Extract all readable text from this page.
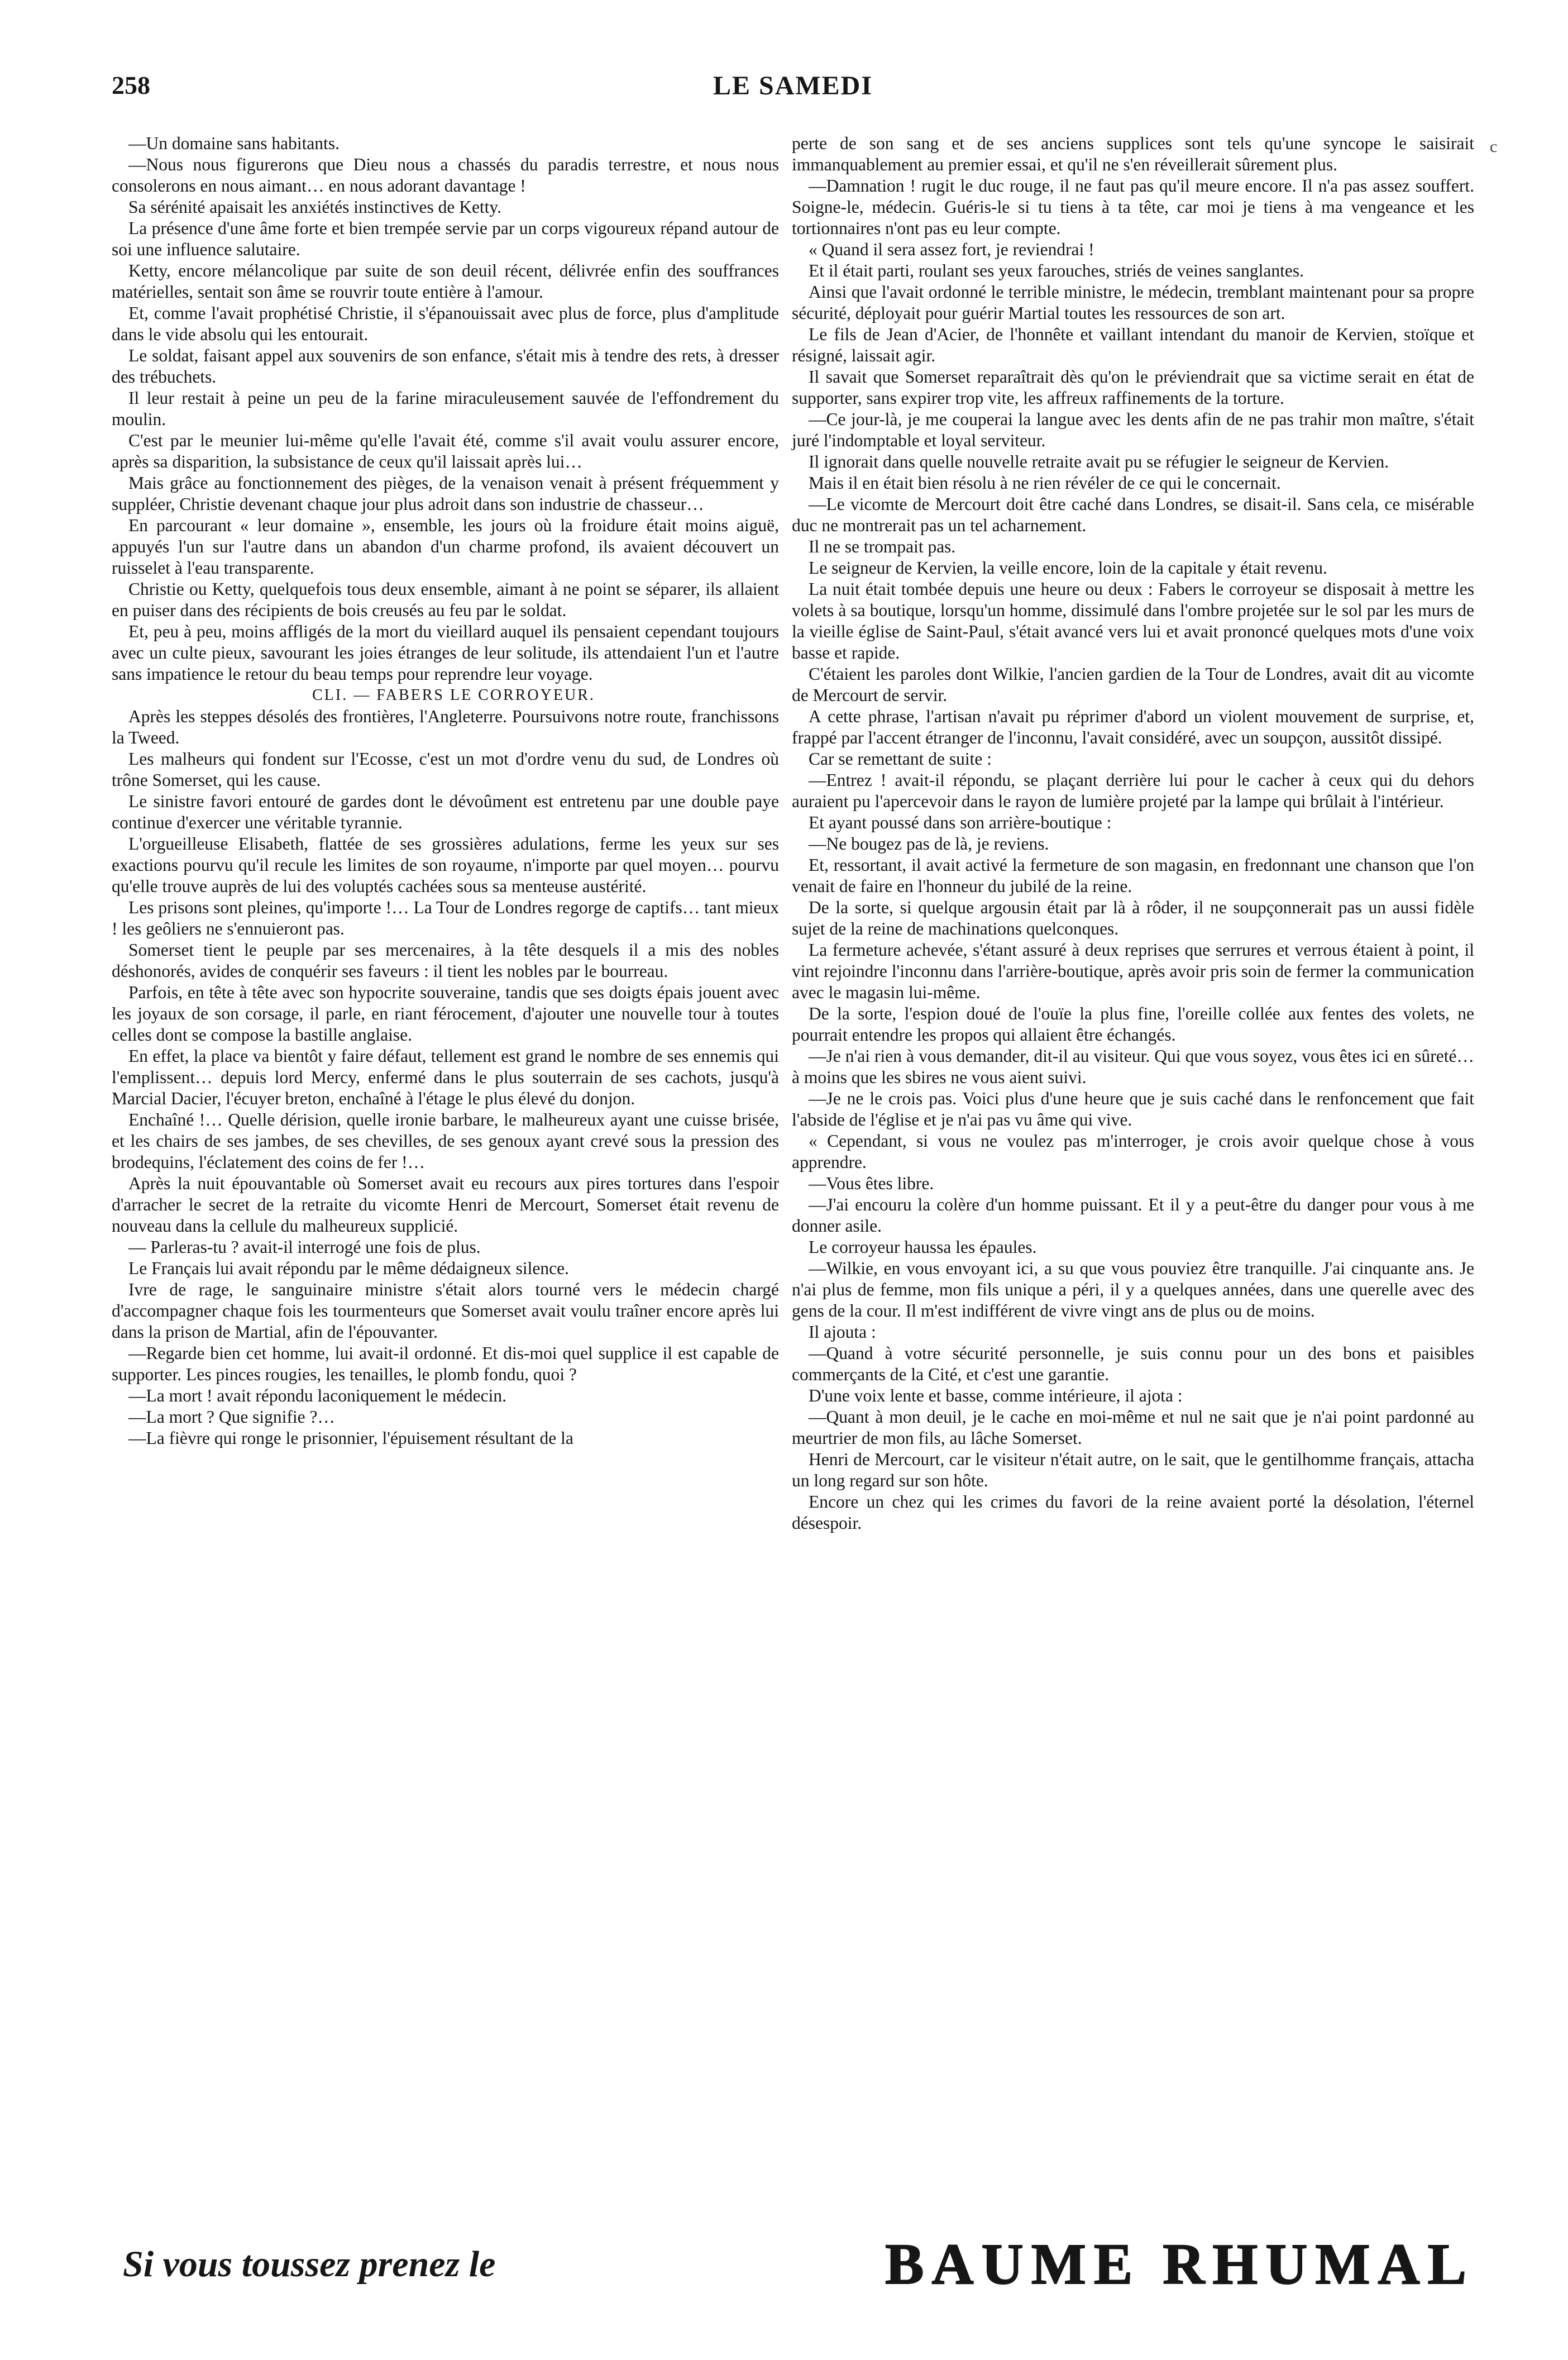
258	LE SAMEDI

—Un domaine sans habitants.

—Nous nous figurerons que Dieu nous a chassés du paradis terrestre, et nous nous consolerons en nous aimant… en nous adorant davantage !

Sa sérénité apaisait les anxiétés instinctives de Ketty.

La présence d'une âme forte et bien trempée servie par un corps vigoureux répand autour de soi une influence salutaire.

Ketty, encore mélancolique par suite de son deuil récent, délivrée enfin des souffrances matérielles, sentait son âme se rouvrir toute entière à l'amour.

Et, comme l'avait prophétisé Christie, il s'épanouissait avec plus de force, plus d'amplitude dans le vide absolu qui les entourait.

Le soldat, faisant appel aux souvenirs de son enfance, s'était mis à tendre des rets, à dresser des trébuchets.

Il leur restait à peine un peu de la farine miraculeusement sauvée de l'effondrement du moulin.

C'est par le meunier lui-même qu'elle l'avait été, comme s'il avait voulu assurer encore, après sa disparition, la subsistance de ceux qu'il laissait après lui…

Mais grâce au fonctionnement des pièges, de la venaison venait à présent fréquemment y suppléer, Christie devenant chaque jour plus adroit dans son industrie de chasseur…

En parcourant « leur domaine », ensemble, les jours où la froidure était moins aiguë, appuyés l'un sur l'autre dans un abandon d'un charme profond, ils avaient découvert un ruisselet à l'eau transparente.

Christie ou Ketty, quelquefois tous deux ensemble, aimant à ne point se séparer, ils allaient en puiser dans des récipients de bois creusés au feu par le soldat.

Et, peu à peu, moins affligés de la mort du vieillard auquel ils pensaient cependant toujours avec un culte pieux, savourant les joies étranges de leur solitude, ils attendaient l'un et l'autre sans impatience le retour du beau temps pour reprendre leur voyage.

CLI. — FABERS LE CORROYEUR.

Après les steppes désolés des frontières, l'Angleterre. Poursuivons notre route, franchissons la Tweed.

Les malheurs qui fondent sur l'Ecosse, c'est un mot d'ordre venu du sud, de Londres où trône Somerset, qui les cause.

Le sinistre favori entouré de gardes dont le dévoûment est entretenu par une double paye continue d'exercer une véritable tyrannie.

L'orgueilleuse Elisabeth, flattée de ses grossières adulations, ferme les yeux sur ses exactions pourvu qu'il recule les limites de son royaume, n'importe par quel moyen… pourvu qu'elle trouve auprès de lui des voluptés cachées sous sa menteuse austérité.

Les prisons sont pleines, qu'importe !… La Tour de Londres regorge de captifs… tant mieux ! les geôliers ne s'ennuieront pas.

Somerset tient le peuple par ses mercenaires, à la tête desquels il a mis des nobles déshonorés, avides de conquérir ses faveurs : il tient les nobles par le bourreau.

Parfois, en tête à tête avec son hypocrite souveraine, tandis que ses doigts épais jouent avec les joyaux de son corsage, il parle, en riant férocement, d'ajouter une nouvelle tour à toutes celles dont se compose la bastille anglaise.

En effet, la place va bientôt y faire défaut, tellement est grand le nombre de ses ennemis qui l'emplissent… depuis lord Mercy, enfermé dans le plus souterrain de ses cachots, jusqu'à Marcial Dacier, l'écuyer breton, enchaîné à l'étage le plus élevé du donjon.

Enchaîné !… Quelle dérision, quelle ironie barbare, le malheureux ayant une cuisse brisée, et les chairs de ses jambes, de ses chevilles, de ses genoux ayant crevé sous la pression des brodequins, l'éclatement des coins de fer !…

Après la nuit épouvantable où Somerset avait eu recours aux pires tortures dans l'espoir d'arracher le secret de la retraite du vicomte Henri de Mercourt, Somerset était revenu de nouveau dans la cellule du malheureux supplicié.

— Parleras-tu ? avait-il interrogé une fois de plus.

Le Français lui avait répondu par le même dédaigneux silence.

Ivre de rage, le sanguinaire ministre s'était alors tourné vers le médecin chargé d'accompagner chaque fois les tourmenteurs que Somerset avait voulu traîner encore après lui dans la prison de Martial, afin de l'épouvanter.

—Regarde bien cet homme, lui avait-il ordonné. Et dis-moi quel supplice il est capable de supporter. Les pinces rougies, les tenailles, le plomb fondu, quoi ?

—La mort ! avait répondu laconiquement le médecin.

—La mort ? Que signifie ?…

—La fièvre qui ronge le prisonnier, l'épuisement résultant de la

perte de son sang et de ses anciens supplices sont tels qu'une syncope le saisirait immanquablement au premier essai, et qu'il ne s'en réveillerait sûrement plus.

—Damnation ! rugit le duc rouge, il ne faut pas qu'il meure encore. Il n'a pas assez souffert. Soigne-le, médecin. Guéris-le si tu tiens à ta tête, car moi je tiens à ma vengeance et les tortionnaires n'ont pas eu leur compte.

« Quand il sera assez fort, je reviendrai !

Et il était parti, roulant ses yeux farouches, striés de veines sanglantes.

Ainsi que l'avait ordonné le terrible ministre, le médecin, tremblant maintenant pour sa propre sécurité, déployait pour guérir Martial toutes les ressources de son art.

Le fils de Jean d'Acier, de l'honnête et vaillant intendant du manoir de Kervien, stoïque et résigné, laissait agir.

Il savait que Somerset reparaîtrait dès qu'on le préviendrait que sa victime serait en état de supporter, sans expirer trop vite, les affreux raffinements de la torture.

—Ce jour-là, je me couperai la langue avec les dents afin de ne pas trahir mon maître, s'était juré l'indomptable et loyal serviteur.

Il ignorait dans quelle nouvelle retraite avait pu se réfugier le seigneur de Kervien.

Mais il en était bien résolu à ne rien révéler de ce qui le concernait.

—Le vicomte de Mercourt doit être caché dans Londres, se disait-il. Sans cela, ce misérable duc ne montrerait pas un tel acharnement.

Il ne se trompait pas.

Le seigneur de Kervien, la veille encore, loin de la capitale y était revenu.

La nuit était tombée depuis une heure ou deux : Fabers le corroyeur se disposait à mettre les volets à sa boutique, lorsqu'un homme, dissimulé dans l'ombre projetée sur le sol par les murs de la vieille église de Saint-Paul, s'était avancé vers lui et avait prononcé quelques mots d'une voix basse et rapide.

C'étaient les paroles dont Wilkie, l'ancien gardien de la Tour de Londres, avait dit au vicomte de Mercourt de servir.

A cette phrase, l'artisan n'avait pu réprimer d'abord un violent mouvement de surprise, et, frappé par l'accent étranger de l'inconnu, l'avait considéré, avec un soupçon, aussitôt dissipé.

Car se remettant de suite :

—Entrez ! avait-il répondu, se plaçant derrière lui pour le cacher à ceux qui du dehors auraient pu l'apercevoir dans le rayon de lumière projeté par la lampe qui brûlait à l'intérieur.

Et ayant poussé dans son arrière-boutique :

—Ne bougez pas de là, je reviens.

Et, ressortant, il avait activé la fermeture de son magasin, en fredonnant une chanson que l'on venait de faire en l'honneur du jubilé de la reine.

De la sorte, si quelque argousin était par là à rôder, il ne soupçonnerait pas un aussi fidèle sujet de la reine de machinations quelconques.

La fermeture achevée, s'étant assuré à deux reprises que serrures et verrous étaient à point, il vint rejoindre l'inconnu dans l'arrière-boutique, après avoir pris soin de fermer la communication avec le magasin lui-même.

De la sorte, l'espion doué de l'ouïe la plus fine, l'oreille collée aux fentes des volets, ne pourrait entendre les propos qui allaient être échangés.

—Je n'ai rien à vous demander, dit-il au visiteur. Qui que vous soyez, vous êtes ici en sûreté… à moins que les sbires ne vous aient suivi.

—Je ne le crois pas. Voici plus d'une heure que je suis caché dans le renfoncement que fait l'abside de l'église et je n'ai pas vu âme qui vive.

« Cependant, si vous ne voulez pas m'interroger, je crois avoir quelque chose à vous apprendre.

—Vous êtes libre.

—J'ai encouru la colère d'un homme puissant. Et il y a peut-être du danger pour vous à me donner asile.

Le corroyeur haussa les épaules.

—Wilkie, en vous envoyant ici, a su que vous pouviez être tranquille. J'ai cinquante ans. Je n'ai plus de femme, mon fils unique a péri, il y a quelques années, dans une querelle avec des gens de la cour. Il m'est indifférent de vivre vingt ans de plus ou de moins.

Il ajouta :

—Quand à votre sécurité personnelle, je suis connu pour un des bons et paisibles commerçants de la Cité, et c'est une garantie.

D'une voix lente et basse, comme intérieure, il ajota :

—Quant à mon deuil, je le cache en moi-même et nul ne sait que je n'ai point pardonné au meurtrier de mon fils, au lâche Somerset.

Henri de Mercourt, car le visiteur n'était autre, on le sait, que le gentilhomme français, attacha un long regard sur son hôte.

Encore un chez qui les crimes du favori de la reine avaient porté la désolation, l'éternel désespoir.

c
Si vous toussez prenez le	BAUME RHUMAL
